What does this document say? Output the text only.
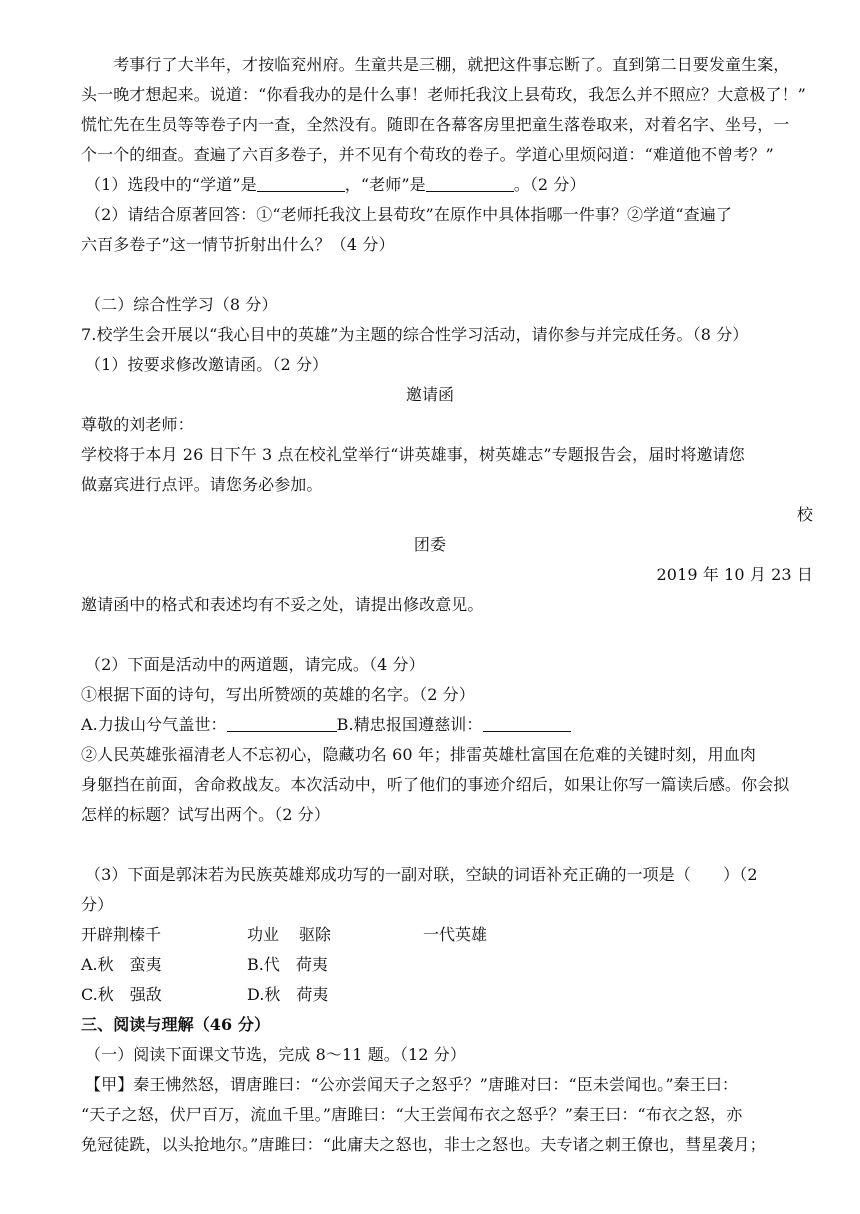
　　考事行了大半年，才按临兖州府。生童共是三棚，就把这件事忘断了。直到第二日要发童生案，
头一晚才想起来。说道：“你看我办的是什么事！老师托我汶上县荀玫，我怎么并不照应？大意极了！”
慌忙先在生员等等卷子内一查，全然没有。随即在各幕客房里把童生落卷取来，对着名字、坐号，一
个一个的细查。查遍了六百多卷子，并不见有个荀玫的卷子。学道心里烦闷道：“难道他不曾考？”
（1）选段中的“学道”是	，“老师”是	。（2 分）
（2）请结合原著回答：①“老师托我汶上县荀玫”在原作中具体指哪一件事？②学道“查遍了
六百多卷子”这一情节折射出什么？（4 分）
（二）综合性学习（8 分）
7.校学生会开展以“我心目中的英雄”为主题的综合性学习活动，请你参与并完成任务。（8 分）
（1）按要求修改邀请函。（2 分）
邀请函
尊敬的刘老师：
学校将于本月 26 日下午 3 点在校礼堂举行“讲英雄事，树英雄志”专题报告会，届时将邀请您
做嘉宾进行点评。请您务必参加。
校
团委
2019 年 10 月 23 日
邀请函中的格式和表述均有不妥之处，请提出修改意见。
（2）下面是活动中的两道题，请完成。（4 分）
①根据下面的诗句，写出所赞颂的英雄的名字。（2 分）
A.力拔山兮气盖世：	B.精忠报国遵慈训：
②人民英雄张福清老人不忘初心，隐藏功名 60 年；排雷英雄杜富国在危难的关键时刻，用血肉
身躯挡在前面，舍命救战友。本次活动中，听了他们的事迹介绍后，如果让你写一篇读后感。你会拟
怎样的标题？试写出两个。（2 分）
（3）下面是郭沫若为民族英雄郑成功写的一副对联，空缺的词语补充正确的一项是（　　）（2
分）
开辟荆榛千	功业 驱除	一代英雄
A.秋　蛮夷	B.代　荷夷
C.秋　强敌	D.秋　荷夷
三、阅读与理解（46 分）
（一）阅读下面课文节选，完成 8～11 题。（12 分）
【甲】秦王怫然怒，谓唐雎曰：“公亦尝闻天子之怒乎？”唐雎对曰：“臣未尝闻也。”秦王曰：
“天子之怒，伏尸百万，流血千里。”唐雎曰：“大王尝闻布衣之怒乎？”秦王曰：“布衣之怒，亦
免冠徒跣，以头抢地尔。”唐雎曰：“此庸夫之怒也，非士之怒也。夫专诸之刺王僚也，彗星袭月；
